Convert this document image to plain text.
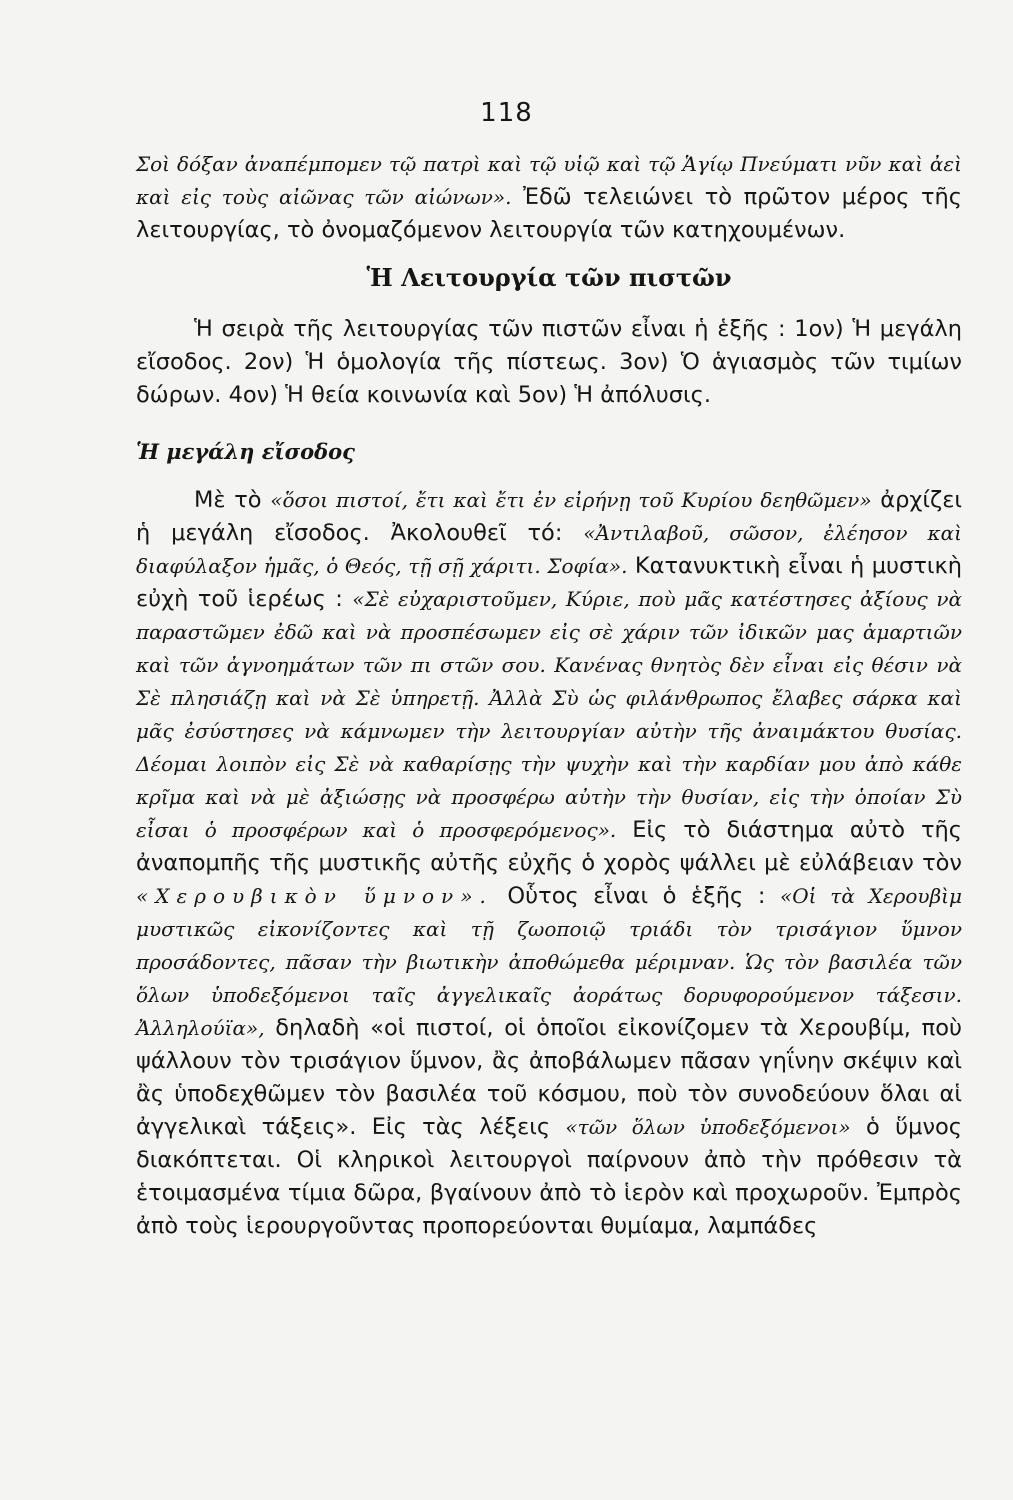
118

Σοὶ δόξαν ἀναπέμπομεν τῷ πατρὶ καὶ τῷ υἱῷ καὶ τῷ Ἁγίῳ Πνεύματι νῦν καὶ ἀεὶ καὶ εἰς τοὺς αἰῶνας τῶν αἰώνων». Ἐδῶ τελειώνει τὸ πρῶτον μέρος τῆς λειτουργίας, τὸ ὀνομαζόμενον λειτουργία τῶν κατηχουμένων.

Ἡ Λειτουργία τῶν πιστῶν

Ἡ σειρὰ τῆς λειτουργίας τῶν πιστῶν εἶναι ἡ ἑξῆς : 1ον) Ἡ μεγάλη εἴσοδος. 2ον) Ἡ ὁμολογία τῆς πίστεως. 3ον) Ὁ ἁγιασμὸς τῶν τιμίων δώρων. 4ον) Ἡ θεία κοινωνία καὶ 5ον) Ἡ ἀπόλυσις.

Ἡ μεγάλη εἴσοδος

Μὲ τὸ «ὅσοι πιστοί, ἔτι καὶ ἔτι ἐν εἰρήνῃ τοῦ Κυρίου δεηθῶμεν» ἀρχίζει ἡ μεγάλη εἴσοδος. Ἀκολουθεῖ τό: «Ἀντιλαβοῦ, σῶσον, ἐλέησον καὶ διαφύλαξον ἡμᾶς, ὁ Θεός, τῇ σῇ χάριτι. Σοφία». Κατανυκτικὴ εἶναι ἡ μυστικὴ εὐχὴ τοῦ ἱερέως : «Σὲ εὐχαριστοῦμεν, Κύριε, ποὺ μᾶς κατέστησες ἀξίους νὰ παραστῶμεν ἐδῶ καὶ νὰ προσπέσωμεν εἰς σὲ χάριν τῶν ἰδικῶν μας ἁμαρτιῶν καὶ τῶν ἀγνοημάτων τῶν πι στῶν σου. Κανένας θνητὸς δὲν εἶναι εἰς θέσιν νὰ Σὲ πλησιάζῃ καὶ νὰ Σὲ ὑπηρετῇ. Ἀλλὰ Σὺ ὡς φιλάνθρωπος ἔλαβες σάρκα καὶ μᾶς ἐσύστησες νὰ κάμνωμεν τὴν λειτουργίαν αὐτὴν τῆς ἀναιμάκτου θυσίας. Δέομαι λοιπὸν εἰς Σὲ νὰ καθαρίσῃς τὴν ψυχὴν καὶ τὴν καρδίαν μου ἀπὸ κάθε κρῖμα καὶ νὰ μὲ ἀξιώσῃς νὰ προσφέρω αὐτὴν τὴν θυσίαν, εἰς τὴν ὁποίαν Σὺ εἶσαι ὁ προσφέρων καὶ ὁ προσφερόμενος». Εἰς τὸ διάστημα αὐτὸ τῆς ἀναπομπῆς τῆς μυστικῆς αὐτῆς εὐχῆς ὁ χορὸς ψάλλει μὲ εὐλάβειαν τὸν «Χερουβικὸν ὕμνον». Οὗτος εἶναι ὁ ἑξῆς : «Οἱ τὰ Χερουβὶμ μυστικῶς εἰκονίζοντες καὶ τῇ ζωοποιῷ τριάδι τὸν τρισάγιον ὕμνον προσάδοντες, πᾶσαν τὴν βιωτικὴν ἀποθώμεθα μέριμναν. Ὡς τὸν βασιλέα τῶν ὅλων ὑποδεξόμενοι ταῖς ἀγγελικαῖς ἀοράτως δορυφορούμενον τάξεσιν. Ἀλληλούϊα», δηλαδὴ «οἱ πιστοί, οἱ ὁποῖοι εἰκονίζομεν τὰ Χερουβίμ, ποὺ ψάλλουν τὸν τρισάγιον ὕμνον, ἂς ἀποβάλωμεν πᾶσαν γηΐνην σκέψιν καὶ ἂς ὑποδεχθῶμεν τὸν βασιλέα τοῦ κόσμου, ποὺ τὸν συνοδεύουν ὅλαι αἱ ἀγγελικαὶ τάξεις». Εἰς τὰς λέξεις «τῶν ὅλων ὑποδεξόμενοι» ὁ ὕμνος διακόπτεται. Οἱ κληρικοὶ λειτουργοὶ παίρνουν ἀπὸ τὴν πρόθεσιν τὰ ἑτοιμασμένα τίμια δῶρα, βγαίνουν ἀπὸ τὸ ἱερὸν καὶ προχωροῦν. Ἐμπρὸς ἀπὸ τοὺς ἱερουργοῦντας προπορεύονται θυμίαμα, λαμπάδες
